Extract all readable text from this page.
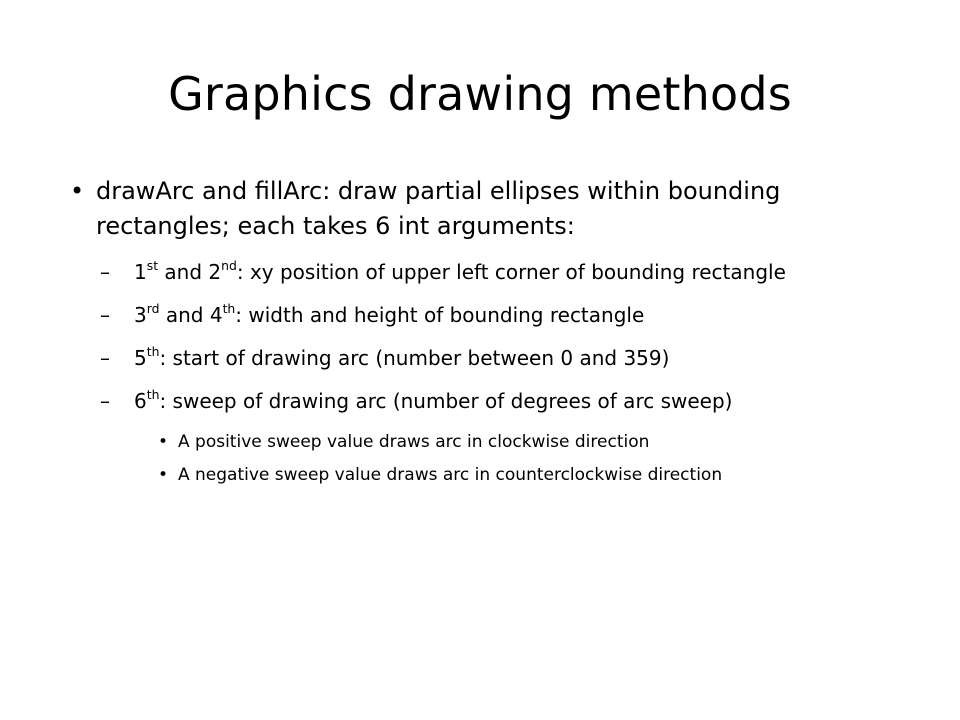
Graphics drawing methods
• drawArc and fillArc: draw partial ellipses within bounding rectangles; each takes 6 int arguments:
– 1st and 2nd: xy position of upper left corner of bounding rectangle
– 3rd and 4th: width and height of bounding rectangle
– 5th: start of drawing arc (number between 0 and 359)
– 6th: sweep of drawing arc (number of degrees of arc sweep)
• A positive sweep value draws arc in clockwise direction
• A negative sweep value draws arc in counterclockwise direction
